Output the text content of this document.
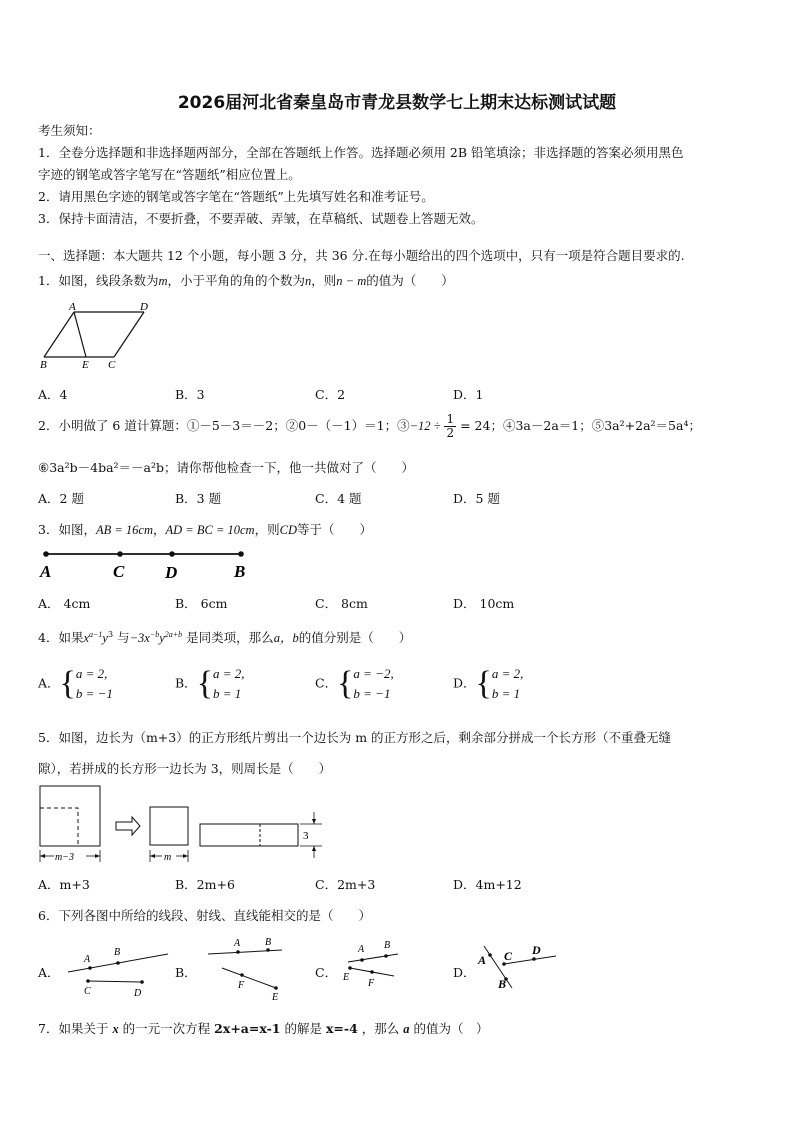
2026届河北省秦皇岛市青龙县数学七上期末达标测试试题
考生须知：
1．全卷分选择题和非选择题两部分，全部在答题纸上作答。选择题必须用 2B 铅笔填涂；非选择题的答案必须用黑色
字迹的钢笔或答字笔写在“答题纸”相应位置上。
2．请用黑色字迹的钢笔或答字笔在“答题纸”上先填写姓名和准考证号。
3．保持卡面清洁，不要折叠，不要弄破、弄皱，在草稿纸、试题卷上答题无效。
一、选择题：本大题共 12 个小题，每小题 3 分，共 36 分.在每小题给出的四个选项中，只有一项是符合题目要求的.
1．如图，线段条数为m，小于平角的角的个数为n，则n − m的值为（　　）
A	D
B	E C
A．4	B．3	C．2	D．1
2．小明做了 6 道计算题：①－5－3＝－2；②0－（－1）＝1；③−12 ÷ $\frac{1}{2} = 24$；④3a－2a＝1；⑤3a²+2a²＝5a⁴；
⑥3a²b－4ba²＝－a²b；请你帮他检查一下，他一共做对了（　　）
A．2 题	B．3 题	C．4 题	D．5 题
3．如图，AB = 16cm，AD = BC = 10cm，则CD等于（　　）
A	C D	B
A． 4cm	B． 6cm	C． 8cm	D． 10cm
4．如果$x^{a-1}y^3$ 与$-3x^{-b}y^{2a+b}$ 是同类项，那么a，b的值分别是（　　）
A．{ a = 2,
b = −1
B．{ a = 2,
b = 1
C．{ a = −2,
b = −1
D．{ a = 2,
b = 1
5．如图，边长为（m+3）的正方形纸片剪出一个边长为 m 的正方形之后，剩余部分拼成一个长方形（不重叠无缝
隙），若拼成的长方形一边长为 3，则周长是（　　）
m−3	m
3
A．m+3	B．2m+6	C．2m+3	D．4m+12
6．下列各图中所给的线段、射线、直线能相交的是（　　）
A．
A
B
C	D
B．
A B
F
E
C．
A B
E
F
D．
A C D
B
7．如果关于 x 的一元一次方程 2x+a=x-1 的解是 x=-4 ，那么 a 的值为（　）
